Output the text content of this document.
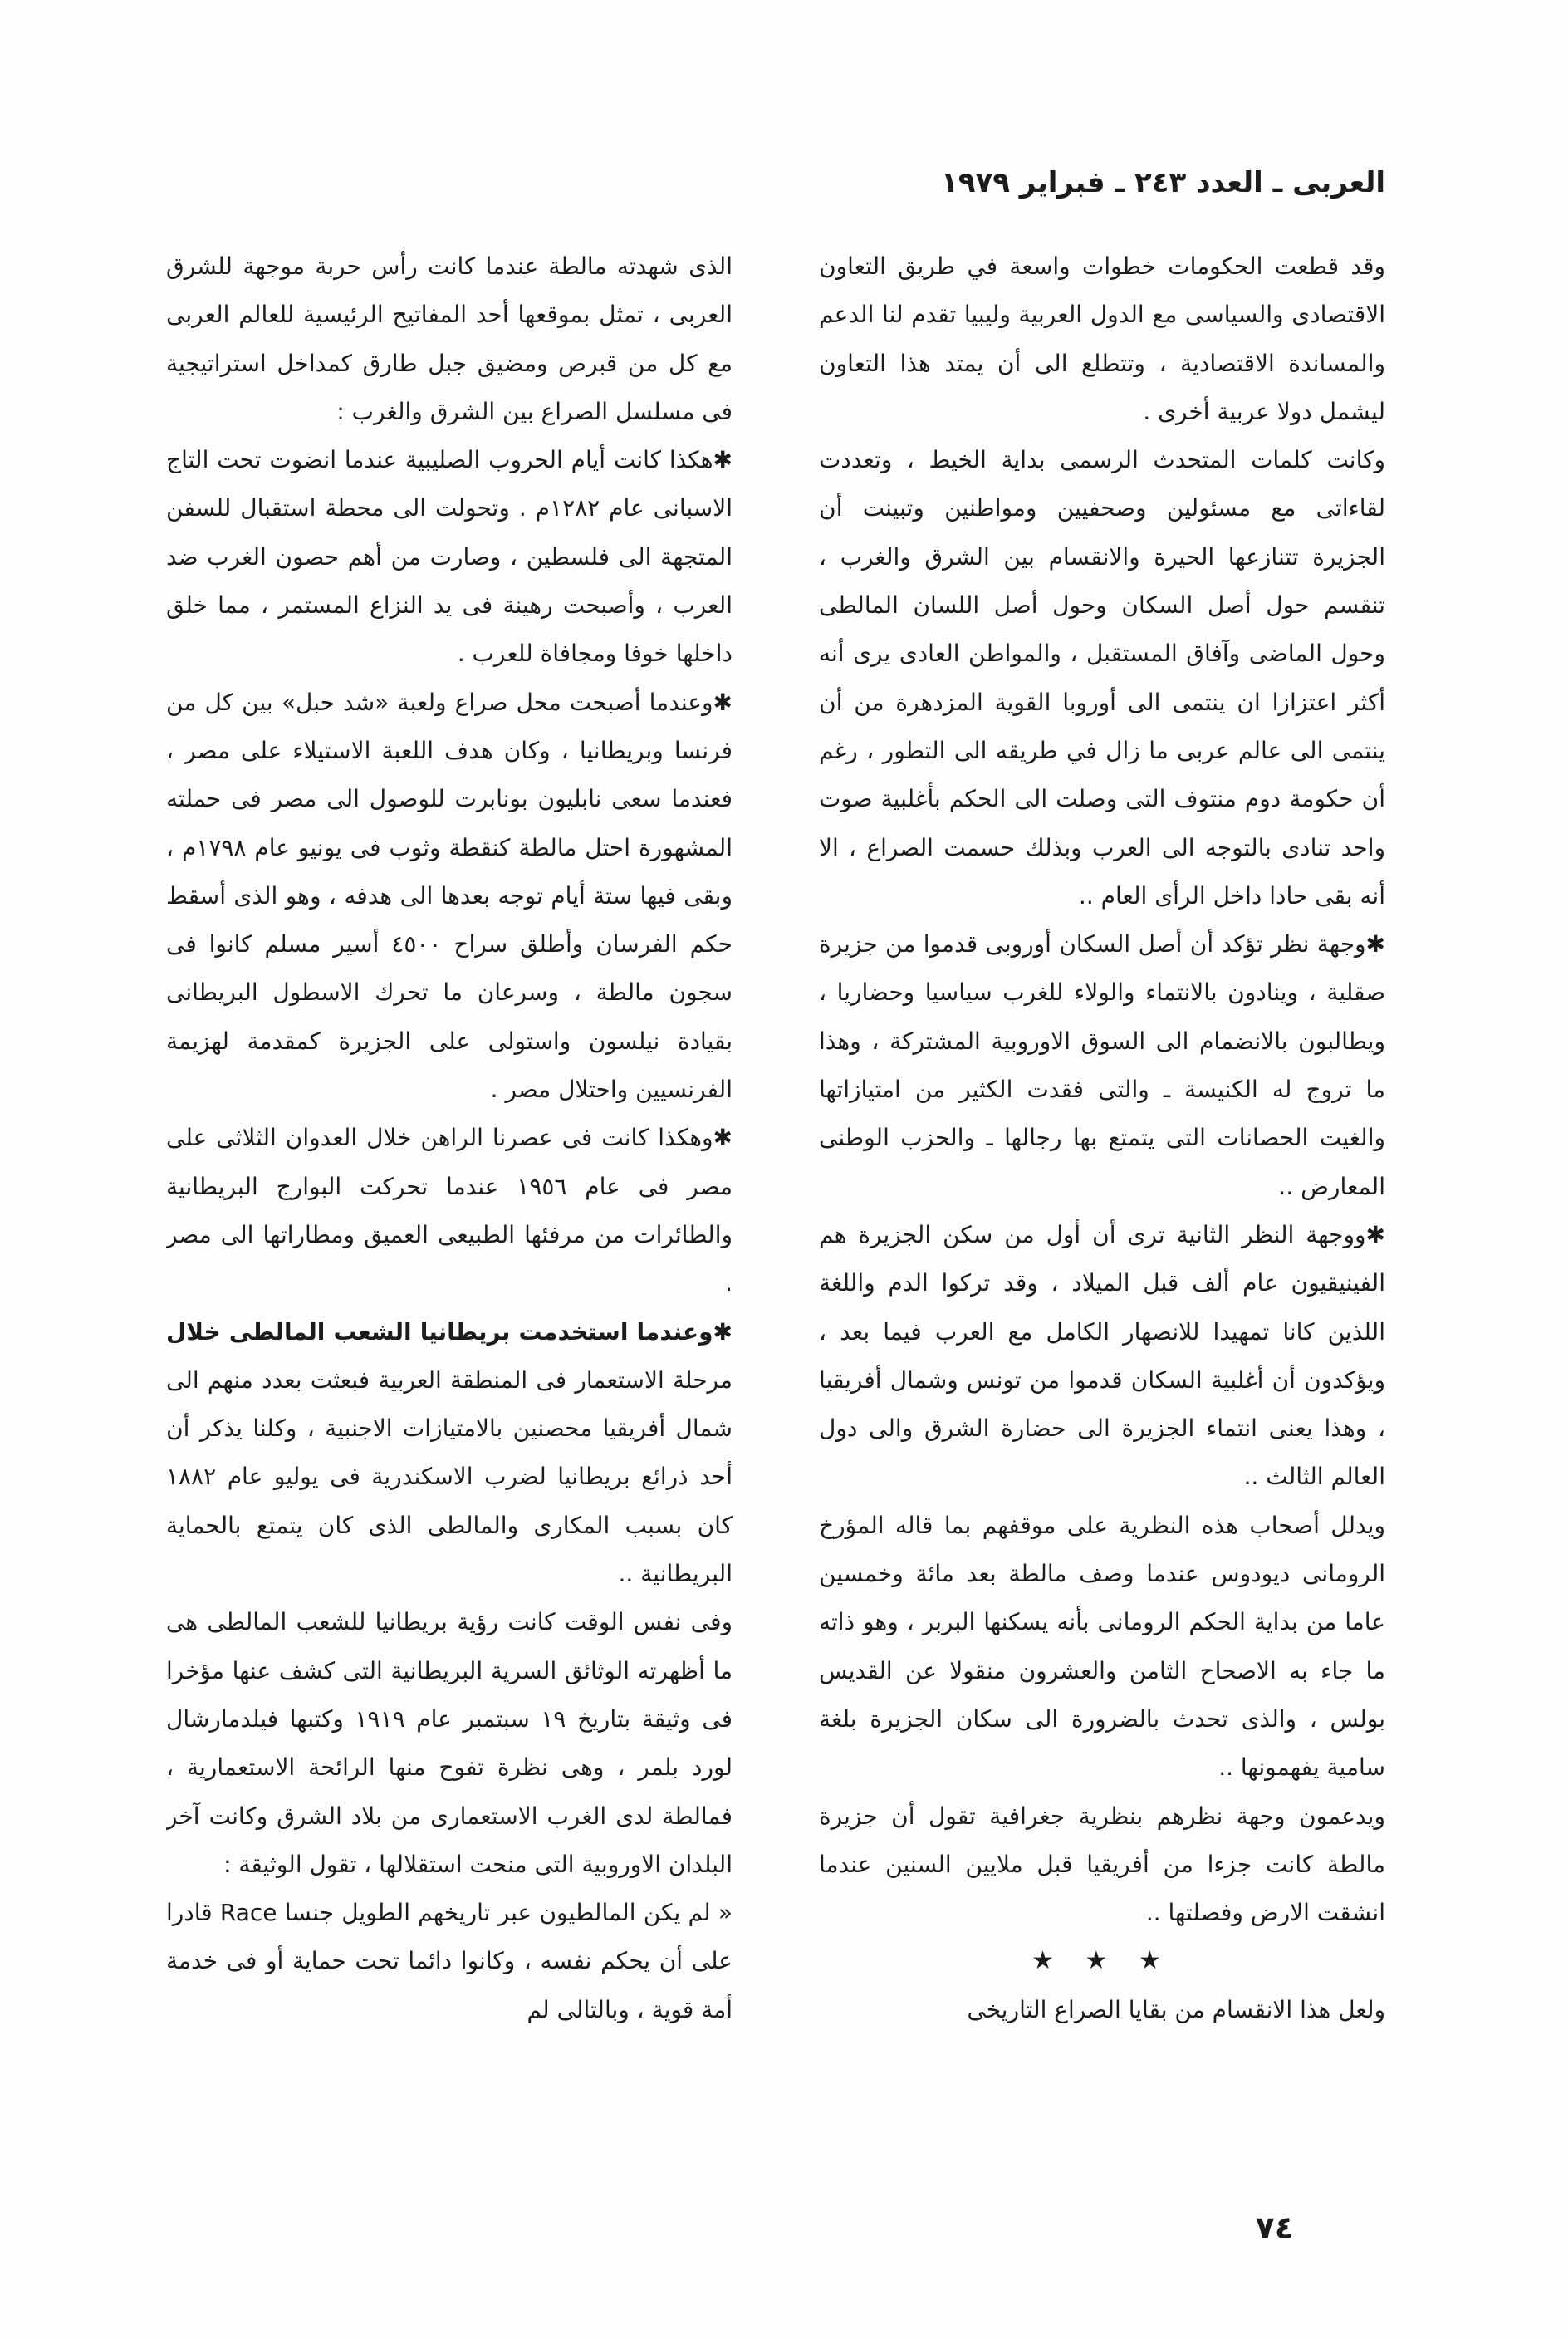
العربى ـ العدد ٢٤٣ ـ فبراير ١٩٧٩

وقد قطعت الحكومات خطوات واسعة في طريق التعاون الاقتصادى والسياسى مع الدول العربية وليبيا تقدم لنا الدعم والمساندة الاقتصادية ، وتتطلع الى أن يمتد هذا التعاون ليشمل دولا عربية أخرى .

وكانت كلمات المتحدث الرسمى بداية الخيط ، وتعددت لقاءاتى مع مسئولين وصحفيين ومواطنين وتبينت أن الجزيرة تتنازعها الحيرة والانقسام بين الشرق والغرب ، تنقسم حول أصل السكان وحول أصل اللسان المالطى وحول الماضى وآفاق المستقبل ، والمواطن العادى يرى أنه أكثر اعتزازا ان ينتمى الى أوروبا القوية المزدهرة من أن ينتمى الى عالم عربى ما زال في طريقه الى التطور ، رغم أن حكومة دوم منتوف التى وصلت الى الحكم بأغلبية صوت واحد تنادى بالتوجه الى العرب وبذلك حسمت الصراع ، الا أنه بقى حادا داخل الرأى العام ..

✱ وجهة نظر تؤكد أن أصل السكان أوروبى قدموا من جزيرة صقلية ، وينادون بالانتماء والولاء للغرب سياسيا وحضاريا ، ويطالبون بالانضمام الى السوق الاوروبية المشتركة ، وهذا ما تروج له الكنيسة ـ والتى فقدت الكثير من امتيازاتها والغيت الحصانات التى يتمتع بها رجالها ـ والحزب الوطنى المعارض ..

✱ ووجهة النظر الثانية ترى أن أول من سكن الجزيرة هم الفينيقيون عام ألف قبل الميلاد ، وقد تركوا الدم واللغة اللذين كانا تمهيدا للانصهار الكامل مع العرب فيما بعد ، ويؤكدون أن أغلبية السكان قدموا من تونس وشمال أفريقيا ، وهذا يعنى انتماء الجزيرة الى حضارة الشرق والى دول العالم الثالث ..

ويدلل أصحاب هذه النظرية على موقفهم بما قاله المؤرخ الرومانى ديودوس عندما وصف مالطة بعد مائة وخمسين عاما من بداية الحكم الرومانى بأنه يسكنها البربر ، وهو ذاته ما جاء به الاصحاح الثامن والعشرون منقولا عن القديس بولس ، والذى تحدث بالضرورة الى سكان الجزيرة بلغة سامية يفهمونها ..

ويدعمون وجهة نظرهم بنظرية جغرافية تقول أن جزيرة مالطة كانت جزءا من أفريقيا قبل ملايين السنين عندما انشقت الارض وفصلتها ..

★ ★ ★

ولعل هذا الانقسام من بقايا الصراع التاريخى

الذى شهدته مالطة عندما كانت رأس حربة موجهة للشرق العربى ، تمثل بموقعها أحد المفاتيح الرئيسية للعالم العربى مع كل من قبرص ومضيق جبل طارق كمداخل استراتيجية فى مسلسل الصراع بين الشرق والغرب :

✱ هكذا كانت أيام الحروب الصليبية عندما انضوت تحت التاج الاسبانى عام ١٢٨٢م . وتحولت الى محطة استقبال للسفن المتجهة الى فلسطين ، وصارت من أهم حصون الغرب ضد العرب ، وأصبحت رهينة فى يد النزاع المستمر ، مما خلق داخلها خوفا ومجافاة للعرب .

✱ وعندما أصبحت محل صراع ولعبة «شد حبل» بين كل من فرنسا وبريطانيا ، وكان هدف اللعبة الاستيلاء على مصر ، فعندما سعى نابليون بونابرت للوصول الى مصر فى حملته المشهورة احتل مالطة كنقطة وثوب فى يونيو عام ١٧٩٨م ، وبقى فيها ستة أيام توجه بعدها الى هدفه ، وهو الذى أسقط حكم الفرسان وأطلق سراح ٤٥٠٠ أسير مسلم كانوا فى سجون مالطة ، وسرعان ما تحرك الاسطول البريطانى بقيادة نيلسون واستولى على الجزيرة كمقدمة لهزيمة الفرنسيين واحتلال مصر .

✱ وهكذا كانت فى عصرنا الراهن خلال العدوان الثلاثى على مصر فى عام ١٩٥٦ عندما تحركت البوارج البريطانية والطائرات من مرفئها الطبيعى العميق ومطاراتها الى مصر .

✱ وعندما استخدمت بريطانيا الشعب المالطى خلال مرحلة الاستعمار فى المنطقة العربية فبعثت بعدد منهم الى شمال أفريقيا محصنين بالامتيازات الاجنبية ، وكلنا يذكر أن أحد ذرائع بريطانيا لضرب الاسكندرية فى يوليو عام ١٨٨٢ كان بسبب المكارى والمالطى الذى كان يتمتع بالحماية البريطانية ..

وفى نفس الوقت كانت رؤية بريطانيا للشعب المالطى هى ما أظهرته الوثائق السرية البريطانية التى كشف عنها مؤخرا فى وثيقة بتاريخ ١٩ سبتمبر عام ١٩١٩ وكتبها فيلدمارشال لورد بلمر ، وهى نظرة تفوح منها الرائحة الاستعمارية ، فمالطة لدى الغرب الاستعمارى من بلاد الشرق وكانت آخر البلدان الاوروبية التى منحت استقلالها ، تقول الوثيقة :

« لم يكن المالطيون عبر تاريخهم الطويل جنسا Race قادرا على أن يحكم نفسه ، وكانوا دائما تحت حماية أو فى خدمة أمة قوية ، وبالتالى لم

٧٤
